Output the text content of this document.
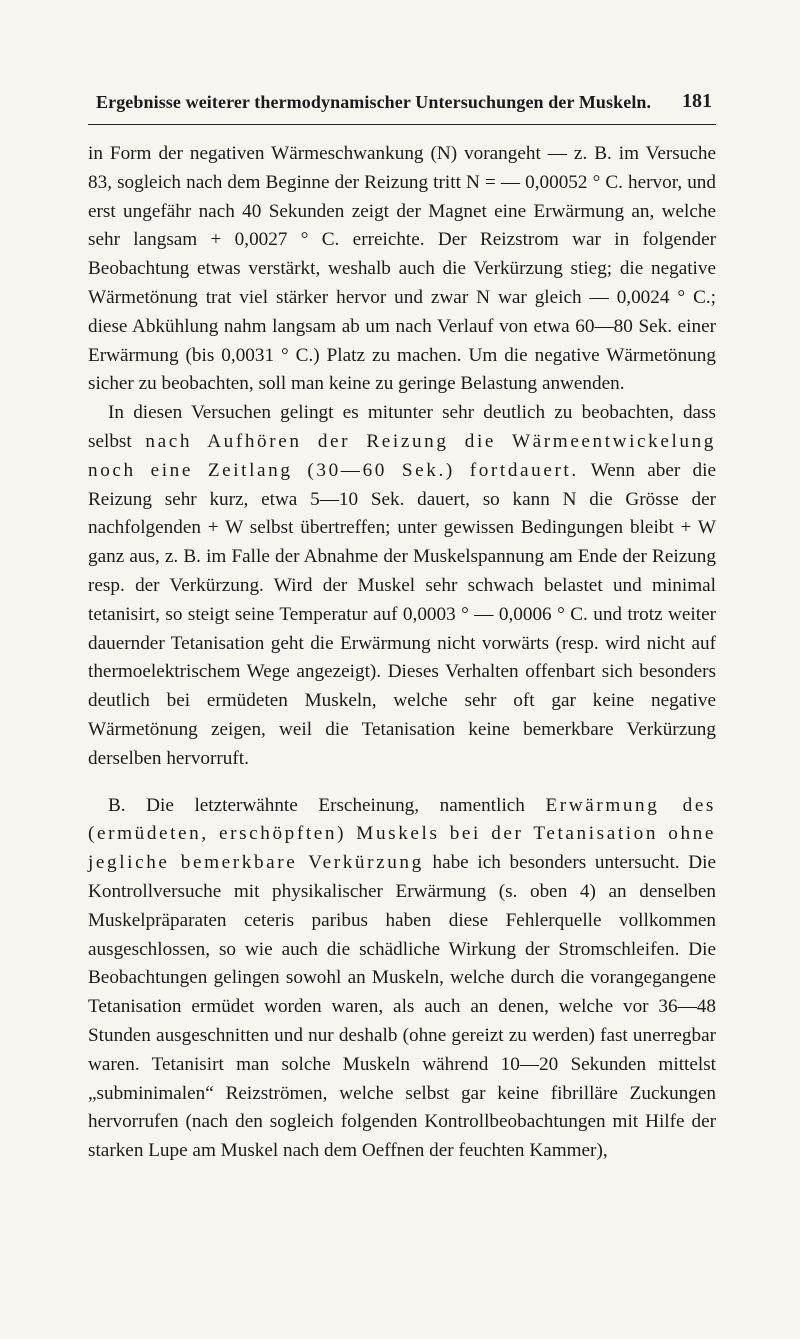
Ergebnisse weiterer thermodynamischer Untersuchungen der Muskeln. 181

in Form der negativen Wärmeschwankung (N) vorangeht — z. B. im Versuche 83, sogleich nach dem Beginne der Reizung tritt N = — 0,00052 ° C. hervor, und erst ungefähr nach 40 Sekunden zeigt der Magnet eine Erwärmung an, welche sehr langsam + 0,0027 ° C. erreichte. Der Reizstrom war in folgender Beobachtung etwas verstärkt, weshalb auch die Verkürzung stieg; die negative Wärmetönung trat viel stärker hervor und zwar N war gleich — 0,0024 ° C.; diese Abkühlung nahm langsam ab um nach Verlauf von etwa 60—80 Sek. einer Erwärmung (bis 0,0031 ° C.) Platz zu machen. Um die negative Wärmetönung sicher zu beobachten, soll man keine zu geringe Belastung anwenden.

In diesen Versuchen gelingt es mitunter sehr deutlich zu beobachten, dass selbst nach Aufhören der Reizung die Wärmeentwickelung noch eine Zeitlang (30—60 Sek.) fortdauert. Wenn aber die Reizung sehr kurz, etwa 5—10 Sek. dauert, so kann N die Grösse der nachfolgenden + W selbst übertreffen; unter gewissen Bedingungen bleibt + W ganz aus, z. B. im Falle der Abnahme der Muskelspannung am Ende der Reizung resp. der Verkürzung. Wird der Muskel sehr schwach belastet und minimal tetanisirt, so steigt seine Temperatur auf 0,0003 ° — 0,0006 ° C. und trotz weiter dauernder Tetanisation geht die Erwärmung nicht vorwärts (resp. wird nicht auf thermoelektrischem Wege angezeigt). Dieses Verhalten offenbart sich besonders deutlich bei ermüdeten Muskeln, welche sehr oft gar keine negative Wärmetönung zeigen, weil die Tetanisation keine bemerkbare Verkürzung derselben hervorruft.

B. Die letzterwähnte Erscheinung, namentlich Erwärmung des (ermüdeten, erschöpften) Muskels bei der Tetanisation ohne jegliche bemerkbare Verkürzung habe ich besonders untersucht. Die Kontrollversuche mit physikalischer Erwärmung (s. oben 4) an denselben Muskelpräparaten ceteris paribus haben diese Fehlerquelle vollkommen ausgeschlossen, so wie auch die schädliche Wirkung der Stromschleifen. Die Beobachtungen gelingen sowohl an Muskeln, welche durch die vorangegangene Tetanisation ermüdet worden waren, als auch an denen, welche vor 36—48 Stunden ausgeschnitten und nur deshalb (ohne gereizt zu werden) fast unerregbar waren. Tetanisirt man solche Muskeln während 10—20 Sekunden mittelst „subminimalen“ Reizströmen, welche selbst gar keine fibrilläre Zuckungen hervorrufen (nach den sogleich folgenden Kontrollbeobachtungen mit Hilfe der starken Lupe am Muskel nach dem Oeffnen der feuchten Kammer),
